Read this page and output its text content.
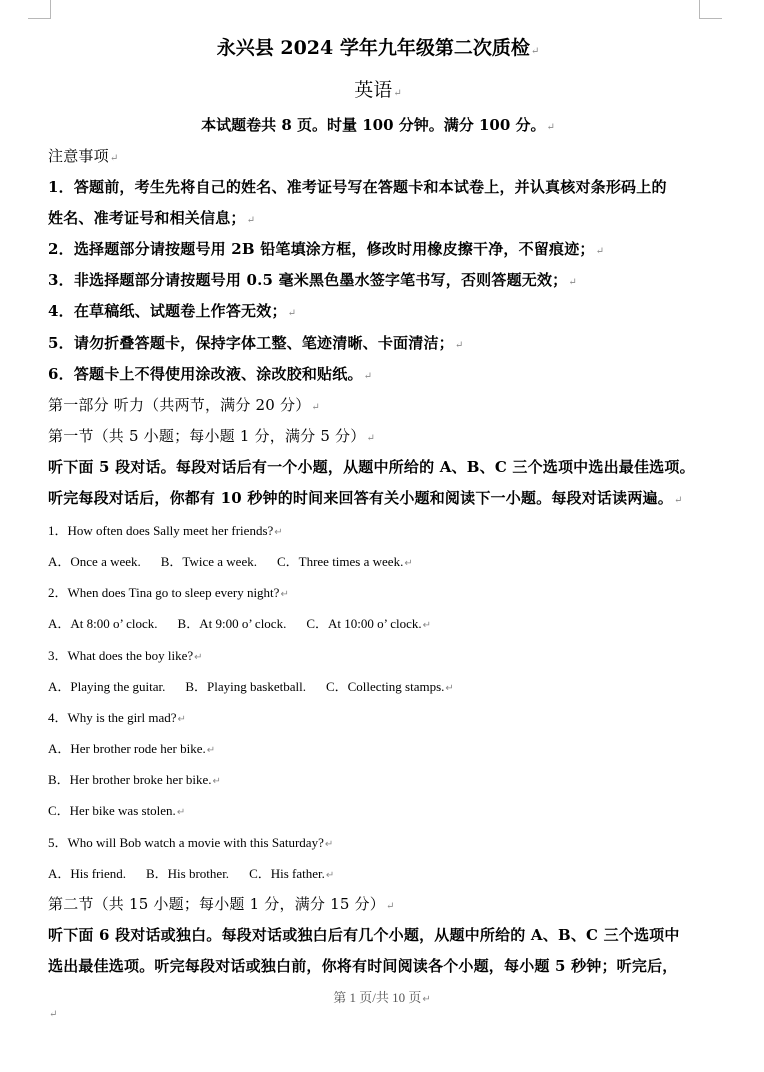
永兴县 2024 学年九年级第二次质检↵
英语↵
本试题卷共 8 页。时量 100 分钟。满分 100 分。↵
注意事项↵
1．答题前，考生先将自己的姓名、准考证号写在答题卡和本试卷上，并认真核对条形码上的
姓名、准考证号和相关信息；↵
2．选择题部分请按题号用 2B 铅笔填涂方框，修改时用橡皮擦干净，不留痕迹；↵
3．非选择题部分请按题号用 0.5 毫米黑色墨水签字笔书写，否则答题无效；↵
4．在草稿纸、试题卷上作答无效；↵
5．请勿折叠答题卡，保持字体工整、笔迹清晰、卡面清洁；↵
6．答题卡上不得使用涂改液、涂改胶和贴纸。↵
第一部分 听力（共两节，满分 20 分）↵
第一节（共 5 小题；每小题 1 分，满分 5 分）↵
听下面 5 段对话。每段对话后有一个小题，从题中所给的 A、B、C 三个选项中选出最佳选项。
听完每段对话后，你都有 10 秒钟的时间来回答有关小题和阅读下一小题。每段对话读两遍。↵
1．How often does Sally meet her friends?↵
A．Once a week. B．Twice a week. C．Three times a week.↵
2．When does Tina go to sleep every night?↵
A．At 8:00 o’ clock. B．At 9:00 o’ clock. C．At 10:00 o’ clock.↵
3．What does the boy like?↵
A．Playing the guitar. B．Playing basketball. C．Collecting stamps.↵
4．Why is the girl mad?↵
A．Her brother rode her bike.↵
B．Her brother broke her bike.↵
C．Her bike was stolen.↵
5．Who will Bob watch a movie with this Saturday?↵
A．His friend. B．His brother. C．His father.↵
第二节（共 15 小题；每小题 1 分，满分 15 分）↵
听下面 6 段对话或独白。每段对话或独白后有几个小题，从题中所给的 A、B、C 三个选项中
选出最佳选项。听完每段对话或独白前，你将有时间阅读各个小题，每小题 5 秒钟；听完后，
↵
第 1 页/共 10 页↵
